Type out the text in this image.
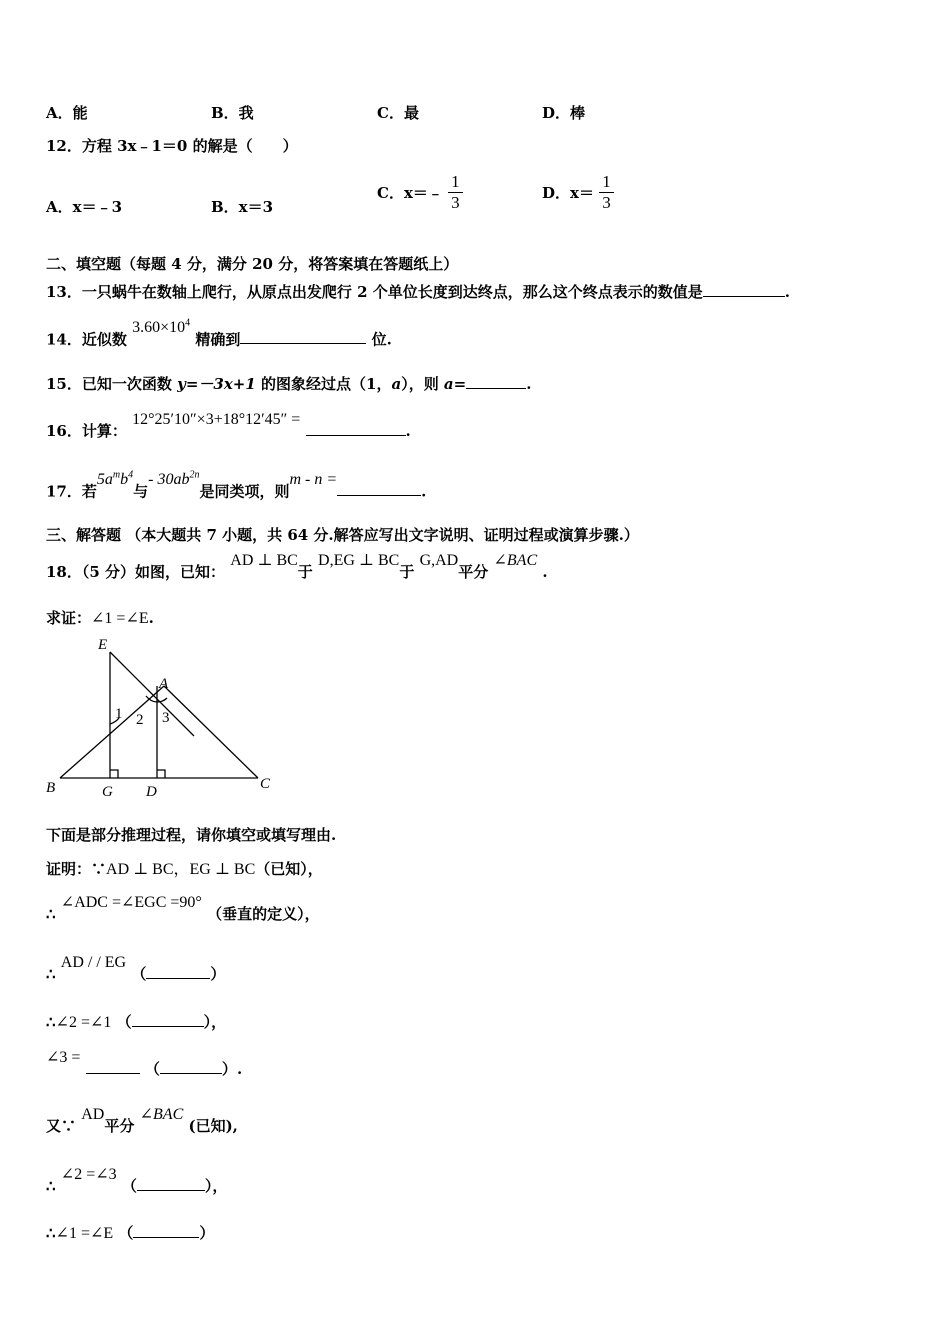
A．能	B．我	C．最	D．棒
12．方程 3x﹣1＝0 的解是（　　）
A．x＝﹣3	B．x＝3
C．x＝﹣ $\frac{1}{3}$	D．$x= \frac{1}{3}$
二、填空题（每题 4 分，满分 20 分，将答案填在答题纸上）
13．一只蜗牛在数轴上爬行，从原点出发爬行 2 个单位长度到达终点，那么这个终点表示的数值是	.
14．近似数 $3.60\times 10^4$ 精确到	位.
15．已知一次函数 y=－3x+1 的图象经过点（1，a），则 a=	.
16．计算： 12°25′10″×3+18°12′45″ = .
17．若$5a^mb^4$与- $30ab^{2n}$是同类项，则m - n =.
三、解答题 （本大题共 7 小题，共 64 分.解答应写出文字说明、证明过程或演算步骤.）
18．（5 分）如图，已知： AD ⊥ BC于 D,EG ⊥ BC于 G,AD平分 ∠BAC .
求证：∠1 =∠E.
E
A
1 2 3
B	G D	C
下面是部分推理过程，请你填空或填写理由.
证明：∵AD ⊥ BC，EG ⊥ BC（已知），
∴ ∠ADC =∠EGC =90° （垂直的定义），
∴ AD / / EG （	）
∴∠2 =∠1 （	），
∠3 =  （	）.
又∵ AD平分 ∠BAC (已知),
∴ ∠2 =∠3 （	），
∴∠1 =∠E （	）
